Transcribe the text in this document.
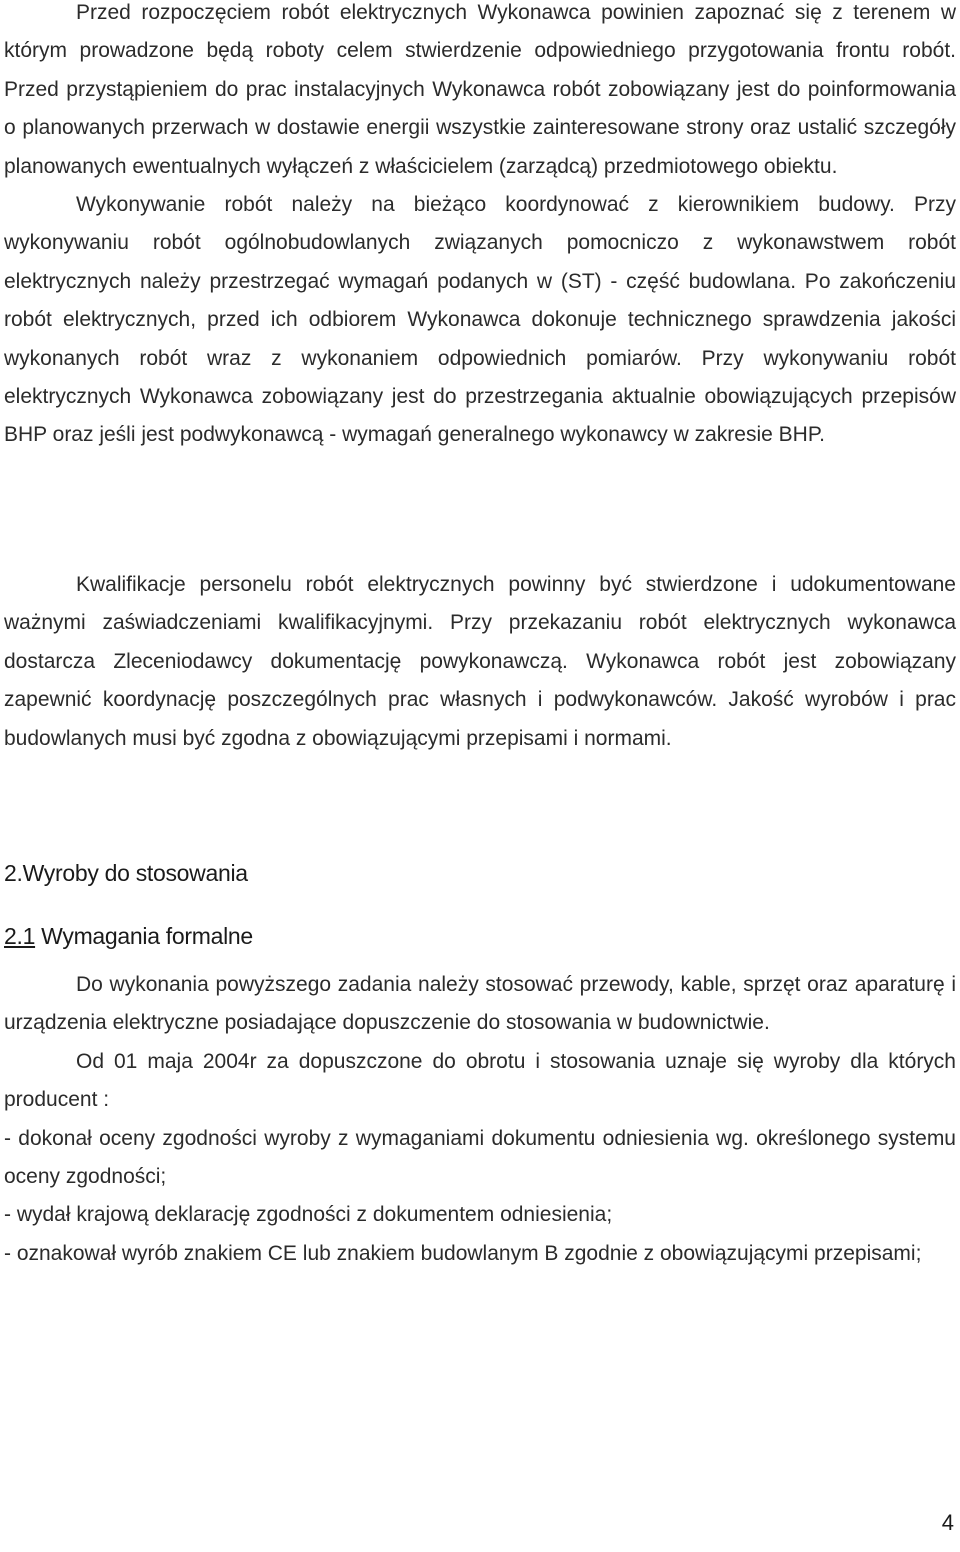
Przed rozpoczęciem robót elektrycznych Wykonawca powinien zapoznać się z terenem w którym prowadzone będą roboty celem stwierdzenie odpowiedniego przygotowania frontu robót. Przed przystąpieniem do prac instalacyjnych Wykonawca robót zobowiązany jest do poinformowania o planowanych przerwach w dostawie energii wszystkie zainteresowane strony oraz ustalić szczegóły planowanych ewentualnych wyłączeń z właścicielem (zarządcą) przedmiotowego obiektu.

Wykonywanie robót należy na bieżąco koordynować z kierownikiem budowy. Przy wykonywaniu robót ogólnobudowlanych związanych pomocniczo z wykonawstwem robót elektrycznych należy przestrzegać wymagań podanych w (ST) - część budowlana. Po zakończeniu robót elektrycznych, przed ich odbiorem Wykonawca dokonuje technicznego sprawdzenia jakości wykonanych robót wraz z wykonaniem odpowiednich pomiarów. Przy wykonywaniu robót elektrycznych Wykonawca zobowiązany jest do przestrzegania aktualnie obowiązujących przepisów BHP oraz jeśli jest podwykonawcą - wymagań generalnego wykonawcy w zakresie BHP.

Kwalifikacje personelu robót elektrycznych powinny być stwierdzone i udokumentowane ważnymi zaświadczeniami kwalifikacyjnymi. Przy przekazaniu robót elektrycznych wykonawca dostarcza Zleceniodawcy dokumentację powykonawczą. Wykonawca robót jest zobowiązany zapewnić koordynację poszczególnych prac własnych i podwykonawców. Jakość wyrobów i prac budowlanych musi być zgodna z obowiązującymi przepisami i normami.

2.Wyroby do stosowania
2.1 Wymagania formalne

Do wykonania powyższego zadania należy stosować przewody, kable, sprzęt oraz aparaturę i urządzenia elektryczne posiadające dopuszczenie do stosowania w budownictwie.

Od 01 maja 2004r za dopuszczone do obrotu i stosowania uznaje się wyroby dla których producent :

- dokonał oceny zgodności wyroby z wymaganiami dokumentu odniesienia wg. określonego systemu oceny zgodności;

- wydał krajową deklarację zgodności z dokumentem odniesienia;

- oznakował wyrób znakiem CE lub znakiem budowlanym B zgodnie z obowiązującymi przepisami;

4
